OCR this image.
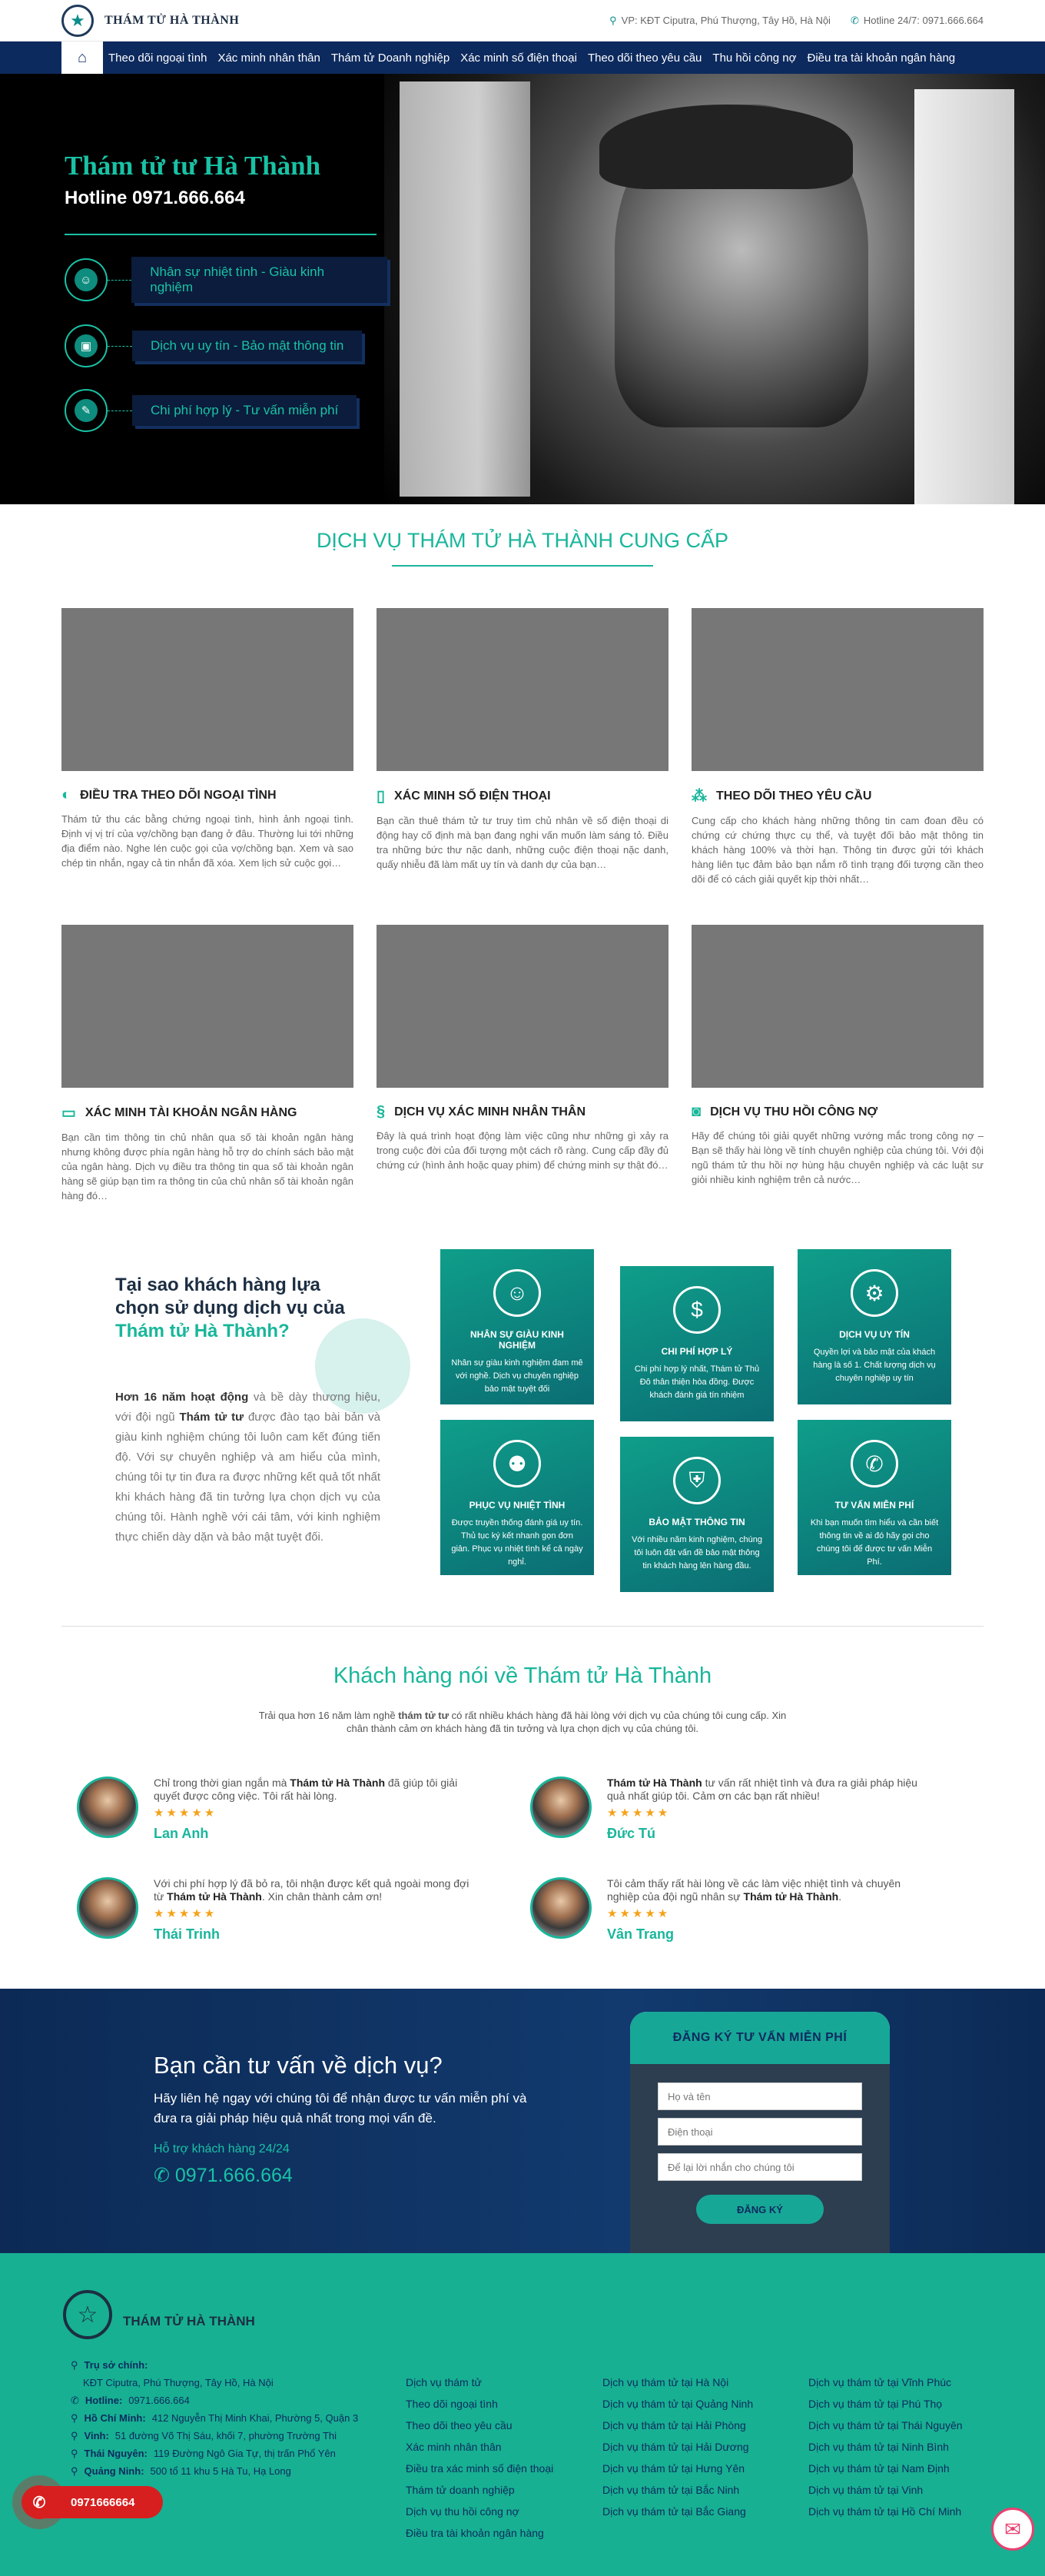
★	THÁM TỬ HÀ THÀNH	⚲ VP: KĐT Ciputra, Phú Thượng, Tây Hồ, Hà Nội ✆ Hotline 24/7: 0971.666.664
⌂	Theo dõi ngoại tình Xác minh nhân thân Thám tử Doanh nghiệp Xác minh số điện thoại Theo dõi theo yêu cầu Thu hồi công nợ Điều tra tài khoản ngân hàng
Thám tử tư Hà Thành
Hotline 0971.666.664
☺
Nhân sự nhiệt tình - Giàu kinh nghiệm
▣	Dịch vụ uy tín - Bảo mật thông tin
✎	Chi phí hợp lý - Tư vấn miễn phí
DỊCH VỤ THÁM TỬ HÀ THÀNH CUNG CẤP
◐ ĐIỀU TRA THEO DÕI NGOẠI TÌNH

Thám tử thu các bằng chứng ngoại tình, hình ảnh ngoại tình. Định vị vị trí của vợ/chồng bạn đang ở đâu. Thường lui tới những địa điểm nào. Nghe lén cuộc gọi của vợ/chồng bạn. Xem và sao chép tin nhắn, ngay cả tin nhắn đã xóa. Xem lịch sử cuộc gọi…

▯ XÁC MINH SỐ ĐIỆN THOẠI

Bạn cần thuê thám tử tư truy tìm chủ nhân về số điện thoại di động hay cố định mà bạn đang nghi vấn muốn làm sáng tỏ. Điều tra những bức thư nặc danh, những cuộc điện thoại nặc danh, quấy nhiễu đã làm mất uy tín và danh dự của bạn…

⁂ THEO DÕI THEO YÊU CẦU

Cung cấp cho khách hàng những thông tin cam đoan đều có chứng cứ chứng thực cụ thể, và tuyệt đối bảo mật thông tin khách hàng 100% và thời hạn. Thông tin được gửi tới khách hàng liên tục đảm bảo bạn nắm rõ tình trạng đối tượng cần theo dõi để có cách giải quyết kịp thời nhất…

▭ XÁC MINH TÀI KHOẢN NGÂN HÀNG

Bạn cần tìm thông tin chủ nhân qua số tài khoản ngân hàng nhưng không được phía ngân hàng hỗ trợ do chính sách bảo mật của ngân hàng. Dịch vụ điều tra thông tin qua số tài khoản ngân hàng sẽ giúp bạn tìm ra thông tin của chủ nhân số tài khoản ngân hàng đó…

§ DỊCH VỤ XÁC MINH NHÂN THÂN

Đây là quá trình hoạt động làm việc cũng như những gì xảy ra trong cuộc đời của đối tượng một cách rõ ràng. Cung cấp đầy đủ chứng cứ (hình ảnh hoặc quay phim) để chứng minh sự thật đó…

◙ DỊCH VỤ THU HỒI CÔNG NỢ

Hãy để chúng tôi giải quyết những vướng mắc trong công nợ – Bạn sẽ thấy hài lòng về tính chuyên nghiệp của chúng tôi. Với đội ngũ thám tử thu hồi nợ hùng hậu chuyên nghiệp và các luật sư giỏi nhiều kinh nghiệm trên cả nước…

Tại sao khách hàng lựa chọn sử dụng dịch vụ của Thám tử Hà Thành?
Hơn 16 năm hoạt động và bề dày thương hiệu, với đội ngũ Thám tử tư được đào tạo bài bản và giàu kinh nghiệm chúng tôi luôn cam kết đúng tiến độ. Với sự chuyên nghiệp và am hiểu của mình, chúng tôi tự tin đưa ra được những kết quả tốt nhất khi khách hàng đã tin tưởng lựa chọn dịch vụ của chúng tôi. Hành nghề với cái tâm, với kinh nghiệm thực chiến dày dặn và bảo mật tuyệt đối.
☺
NHÂN SỰ GIÀU KINH NGHIỆM

Nhân sự giàu kinh nghiệm đam mê với nghề. Dịch vụ chuyên nghiệp bảo mật tuyệt đối

$
CHI PHÍ HỢP LÝ

Chi phí hợp lý nhất, Thám tử Thủ Đô thân thiện hòa đồng. Được khách đánh giá tín nhiệm

⚙
DỊCH VỤ UY TÍN

Quyền lợi và bảo mật của khách hàng là số 1. Chất lượng dịch vụ chuyên nghiệp uy tín

⚉
PHỤC VỤ NHIỆT TÌNH

Được truyền thống đánh giá uy tín. Thủ tục ký kết nhanh gọn đơn giản. Phục vụ nhiệt tình kể cả ngày nghỉ.

⛨
BẢO MẬT THÔNG TIN

Với nhiều năm kinh nghiệm, chúng tôi luôn đặt vấn đề bảo mật thông tin khách hàng lên hàng đầu.

✆
TƯ VẤN MIỄN PHÍ

Khi bạn muốn tìm hiểu và cần biết thông tin về ai đó hãy gọi cho chúng tôi để được tư vấn Miễn Phí.

Khách hàng nói về Thám tử Hà Thành
Trải qua hơn 16 năm làm nghề thám tử tư có rất nhiều khách hàng đã hài lòng với dịch vụ của chúng tôi cung cấp. Xin chân thành cảm ơn khách hàng đã tin tưởng và lựa chọn dịch vụ của chúng tôi.

Chỉ trong thời gian ngắn mà Thám tử Hà Thành đã giúp tôi giải quyết được công việc. Tôi rất hài lòng.

★★★★★
Lan Anh

Thám tử Hà Thành tư vấn rất nhiệt tình và đưa ra giải pháp hiệu quả nhất giúp tôi. Cảm ơn các bạn rất nhiều!

★★★★★
Đức Tú

Với chi phí hợp lý đã bỏ ra, tôi nhận được kết quả ngoài mong đợi từ Thám tử Hà Thành. Xin chân thành cảm ơn!

★★★★★
Thái Trinh

Tôi cảm thấy rất hài lòng về các làm việc nhiệt tình và chuyên nghiệp của đội ngũ nhân sự Thám tử Hà Thành.

★★★★★
Vân Trang
Bạn cần tư vấn về dịch vụ?
Hãy liên hệ ngay với chúng tôi để nhận được tư vấn miễn phí và đưa ra giải pháp hiệu quả nhất trong mọi vấn đề.
Hỗ trợ khách hàng 24/24
✆ 0971.666.664
ĐĂNG KÝ TƯ VẤN MIỄN PHÍ
Họ và tên
Điện thoại
Để lại lời nhắn cho chúng tôi
ĐĂNG KÝ
☆	THÁM TỬ HÀ THÀNH
⚲ Trụ sở chính:
KĐT Ciputra, Phú Thượng, Tây Hồ, Hà Nội
✆ Hotline: 0971.666.664
⚲ Hồ Chí Minh: 412 Nguyễn Thị Minh Khai, Phường 5, Quận 3
⚲ Vinh: 51 đường Võ Thị Sáu, khối 7, phường Trường Thi
⚲ Thái Nguyên: 119 Đường Ngô Gia Tự, thị trấn Phổ Yên
⚲ Quảng Ninh: 500 tổ 11 khu 5 Hà Tu, Hạ Long
Dịch vụ thám tử
Theo dõi ngoại tình
Theo dõi theo yêu cầu
Xác minh nhân thân
Điều tra xác minh số điện thoại
Thám tử doanh nghiệp
Dịch vụ thu hồi công nợ
Điều tra tài khoản ngân hàng
Dịch vụ thám tử tại Hà Nội
Dịch vụ thám tử tại Quảng Ninh
Dịch vụ thám tử tại Hải Phòng
Dịch vụ thám tử tại Hải Dương
Dịch vụ thám tử tại Hưng Yên
Dịch vụ thám tử tại Bắc Ninh
Dịch vụ thám tử tại Bắc Giang
Dịch vụ thám tử tại Vĩnh Phúc
Dịch vụ thám tử tại Phú Thọ
Dịch vụ thám tử tại Thái Nguyên
Dịch vụ thám tử tại Ninh Bình
Dịch vụ thám tử tại Nam Định
Dịch vụ thám tử tại Vinh
Dịch vụ thám tử tại Hồ Chí Minh
✆	0971666664
✉
